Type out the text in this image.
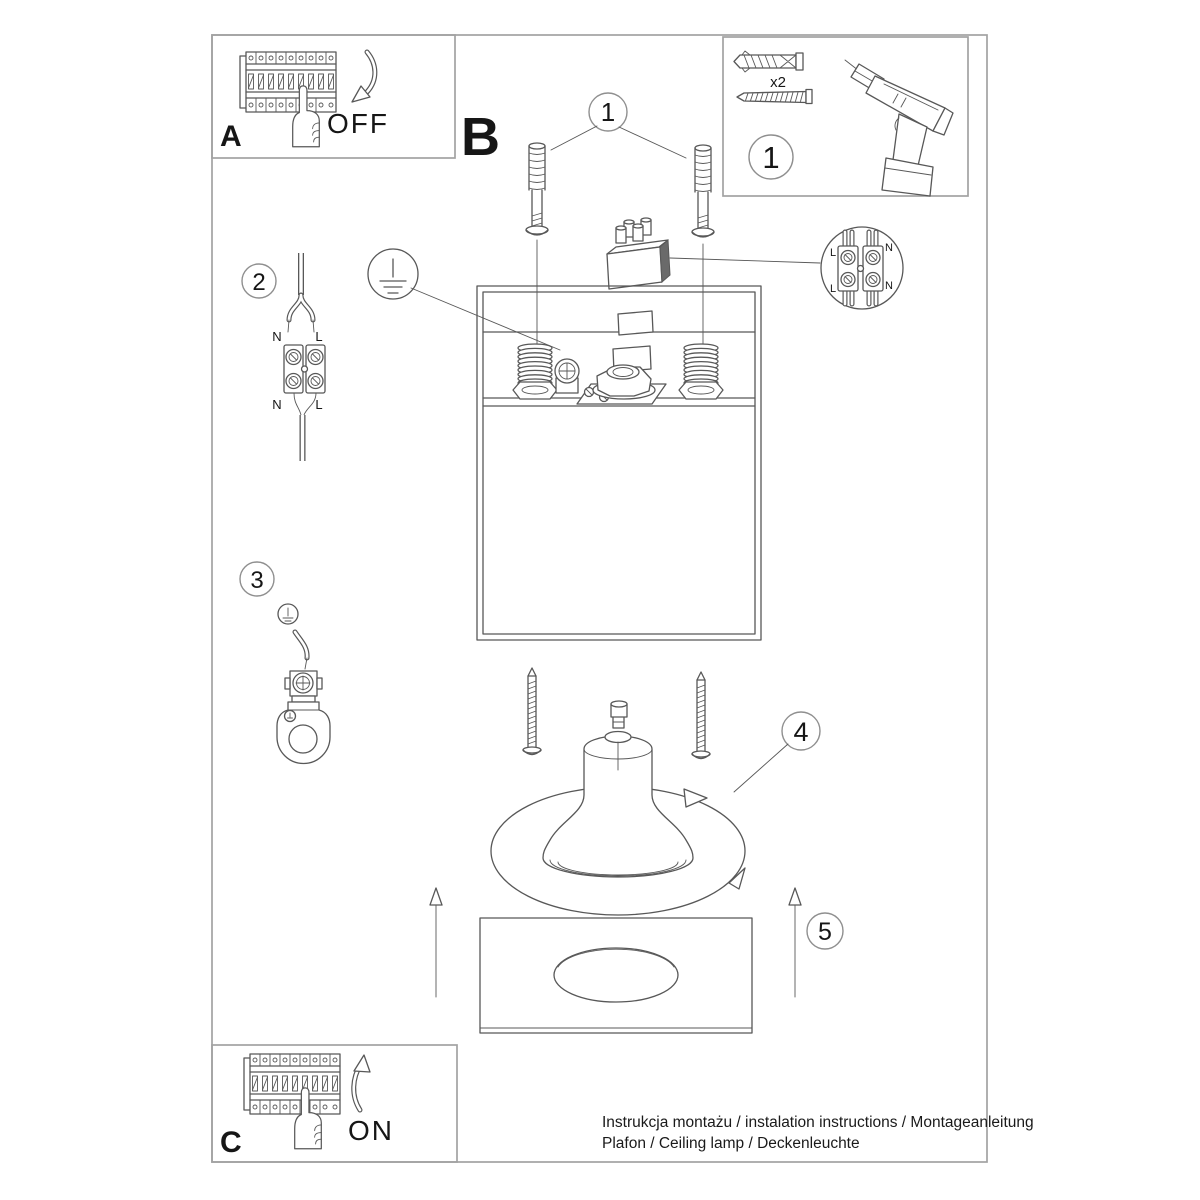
A	OFF
x2
1
B	1
L	N
L	N
2
N	L
N	L
3
4
5
C	ON	Instrukcja montażu / instalation instructions / Montageanleitung
Plafon / Ceiling lamp / Deckenleuchte
